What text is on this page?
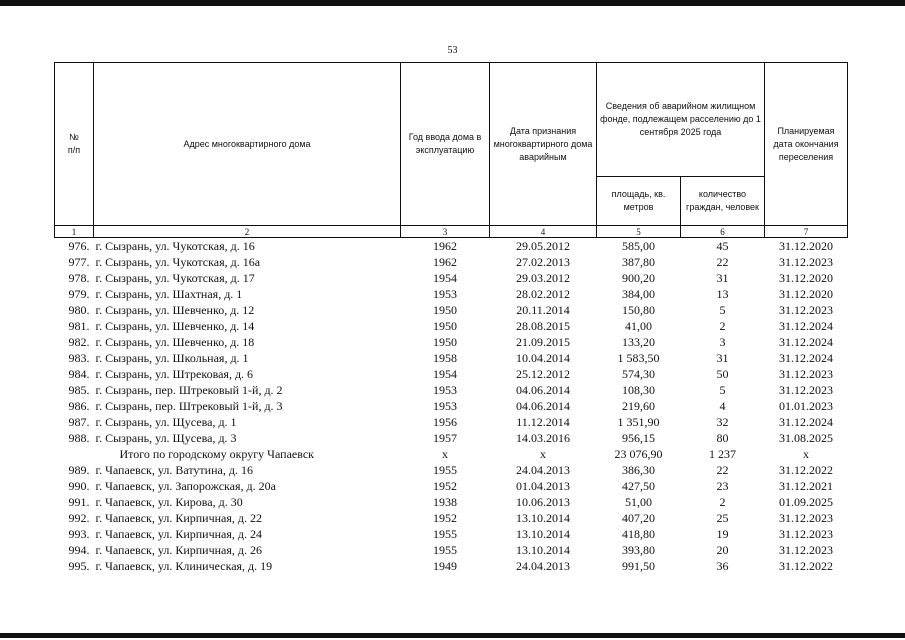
53
№
п/п	Адрес многоквартирного дома	Год ввода дома в эксплуатацию	Дата признания многоквартирного дома аварийным	Сведения об аварийном жилищном фонде, подлежащем расселению до 1 сентября 2025 года		Планируемая дата окончания переселения
				площадь, кв. метров	количество граждан, человек	
1	2	3	4	5	6	7
976.	г. Сызрань, ул. Чукотская, д. 16	1962	29.05.2012	585,00	45	31.12.2020
977.	г. Сызрань, ул. Чукотская, д. 16а	1962	27.02.2013	387,80	22	31.12.2023
978.	г. Сызрань, ул. Чукотская, д. 17	1954	29.03.2012	900,20	31	31.12.2020
979.	г. Сызрань, ул. Шахтная, д. 1	1953	28.02.2012	384,00	13	31.12.2020
980.	г. Сызрань, ул. Шевченко, д. 12	1950	20.11.2014	150,80	5	31.12.2023
981.	г. Сызрань, ул. Шевченко, д. 14	1950	28.08.2015	41,00	2	31.12.2024
982.	г. Сызрань, ул. Шевченко, д. 18	1950	21.09.2015	133,20	3	31.12.2024
983.	г. Сызрань, ул. Школьная, д. 1	1958	10.04.2014	1 583,50	31	31.12.2024
984.	г. Сызрань, ул. Штрековая, д. 6	1954	25.12.2012	574,30	50	31.12.2023
985.	г. Сызрань, пер. Штрековый 1-й, д. 2	1953	04.06.2014	108,30	5	31.12.2023
986.	г. Сызрань, пер. Штрековый 1-й, д. 3	1953	04.06.2014	219,60	4	01.01.2023
987.	г. Сызрань, ул. Щусева, д. 1	1956	11.12.2014	1 351,90	32	31.12.2024
988.	г. Сызрань, ул. Щусева, д. 3	1957	14.03.2016	956,15	80	31.08.2025
	Итого по городскому округу Чапаевск	х	х	23 076,90	1 237	х
989.	г. Чапаевск, ул. Ватутина, д. 16	1955	24.04.2013	386,30	22	31.12.2022
990.	г. Чапаевск, ул. Запорожская, д. 20а	1952	01.04.2013	427,50	23	31.12.2021
991.	г. Чапаевск, ул. Кирова, д. 30	1938	10.06.2013	51,00	2	01.09.2025
992.	г. Чапаевск, ул. Кирпичная, д. 22	1952	13.10.2014	407,20	25	31.12.2023
993.	г. Чапаевск, ул. Кирпичная, д. 24	1955	13.10.2014	418,80	19	31.12.2023
994.	г. Чапаевск, ул. Кирпичная, д. 26	1955	13.10.2014	393,80	20	31.12.2023
995.	г. Чапаевск, ул. Клиническая, д. 19	1949	24.04.2013	991,50	36	31.12.2022
